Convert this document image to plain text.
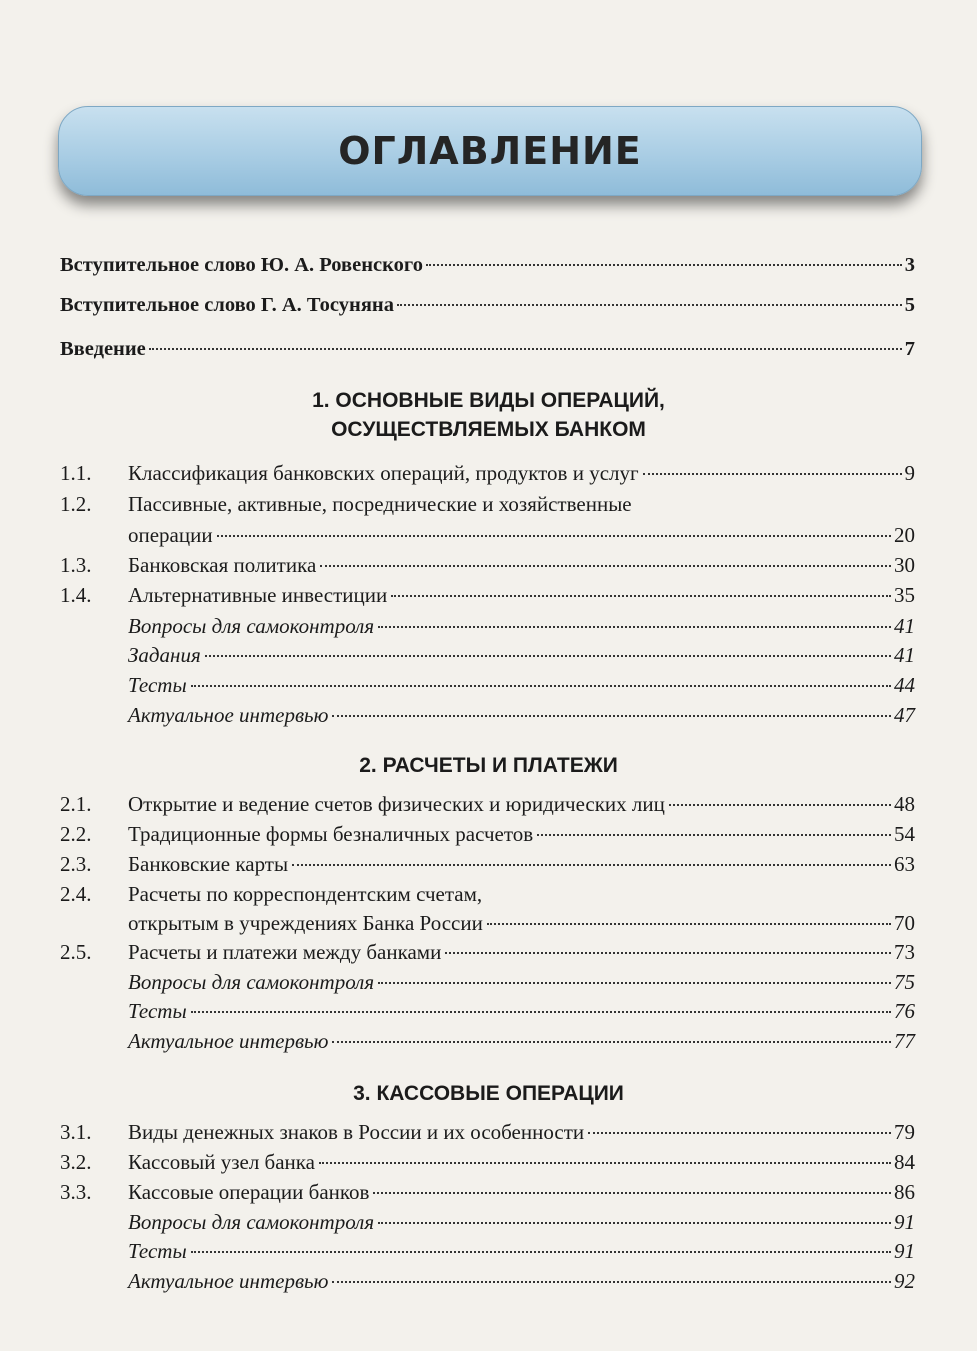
ОГЛАВЛЕНИЕ
Вступительное слово Ю. А. Ровенского	3
Вступительное слово Г. А. Тосуняна	5
Введение	7
1. ОСНОВНЫЕ ВИДЫ ОПЕРАЦИЙ,
ОСУЩЕСТВЛЯЕМЫХ БАНКОМ
1.1. Классификация банковских операций, продуктов и услуг	9
1.2. Пассивные, активные, посреднические и хозяйственные
операции	20
1.3. Банковская политика	30
1.4. Альтернативные инвестиции	35
Вопросы для самоконтроля	41
Задания	41
Тесты	44
Актуальное интервью	47
2. РАСЧЕТЫ И ПЛАТЕЖИ
2.1. Открытие и ведение счетов физических и юридических лиц	48
2.2. Традиционные формы безналичных расчетов	54
2.3. Банковские карты	63
2.4. Расчеты по корреспондентским счетам,
открытым в учреждениях Банка России	70
2.5. Расчеты и платежи между банками	73
Вопросы для самоконтроля	75
Тесты	76
Актуальное интервью	77
3. КАССОВЫЕ ОПЕРАЦИИ
3.1. Виды денежных знаков в России и их особенности	79
3.2. Кассовый узел банка	84
3.3. Кассовые операции банков	86
Вопросы для самоконтроля	91
Тесты	91
Актуальное интервью	92
